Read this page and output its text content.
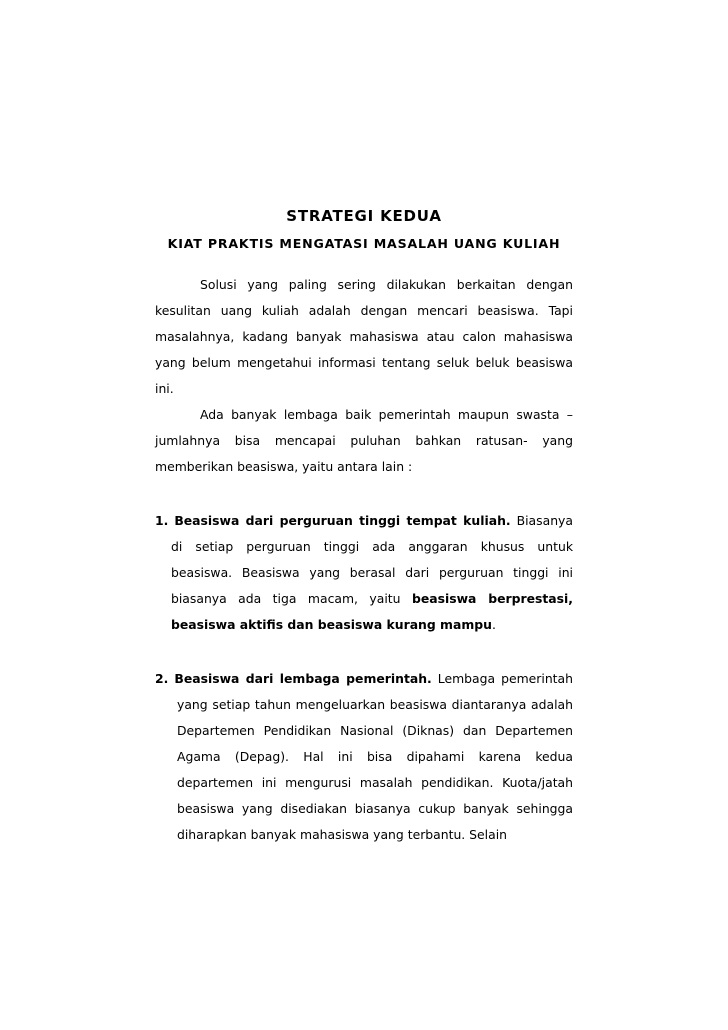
STRATEGI KEDUA
KIAT PRAKTIS MENGATASI MASALAH UANG KULIAH

Solusi yang paling sering dilakukan berkaitan dengan kesulitan uang kuliah adalah dengan mencari beasiswa. Tapi masalahnya, kadang banyak mahasiswa atau calon mahasiswa yang belum mengetahui informasi tentang seluk beluk beasiswa ini.

Ada banyak lembaga baik pemerintah maupun swasta – jumlahnya bisa mencapai puluhan bahkan ratusan- yang memberikan beasiswa, yaitu antara lain :

1. Beasiswa dari perguruan tinggi tempat kuliah. Biasanya di setiap perguruan tinggi ada anggaran khusus untuk beasiswa. Beasiswa yang berasal dari perguruan tinggi ini biasanya ada tiga macam, yaitu beasiswa berprestasi, beasiswa aktifis dan beasiswa kurang mampu.
2. Beasiswa dari lembaga pemerintah. Lembaga pemerintah yang setiap tahun mengeluarkan beasiswa diantaranya adalah Departemen Pendidikan Nasional (Diknas) dan Departemen Agama (Depag). Hal ini bisa dipahami karena kedua departemen ini mengurusi masalah pendidikan. Kuota/jatah beasiswa yang disediakan biasanya cukup banyak sehingga diharapkan banyak mahasiswa yang terbantu. Selain
